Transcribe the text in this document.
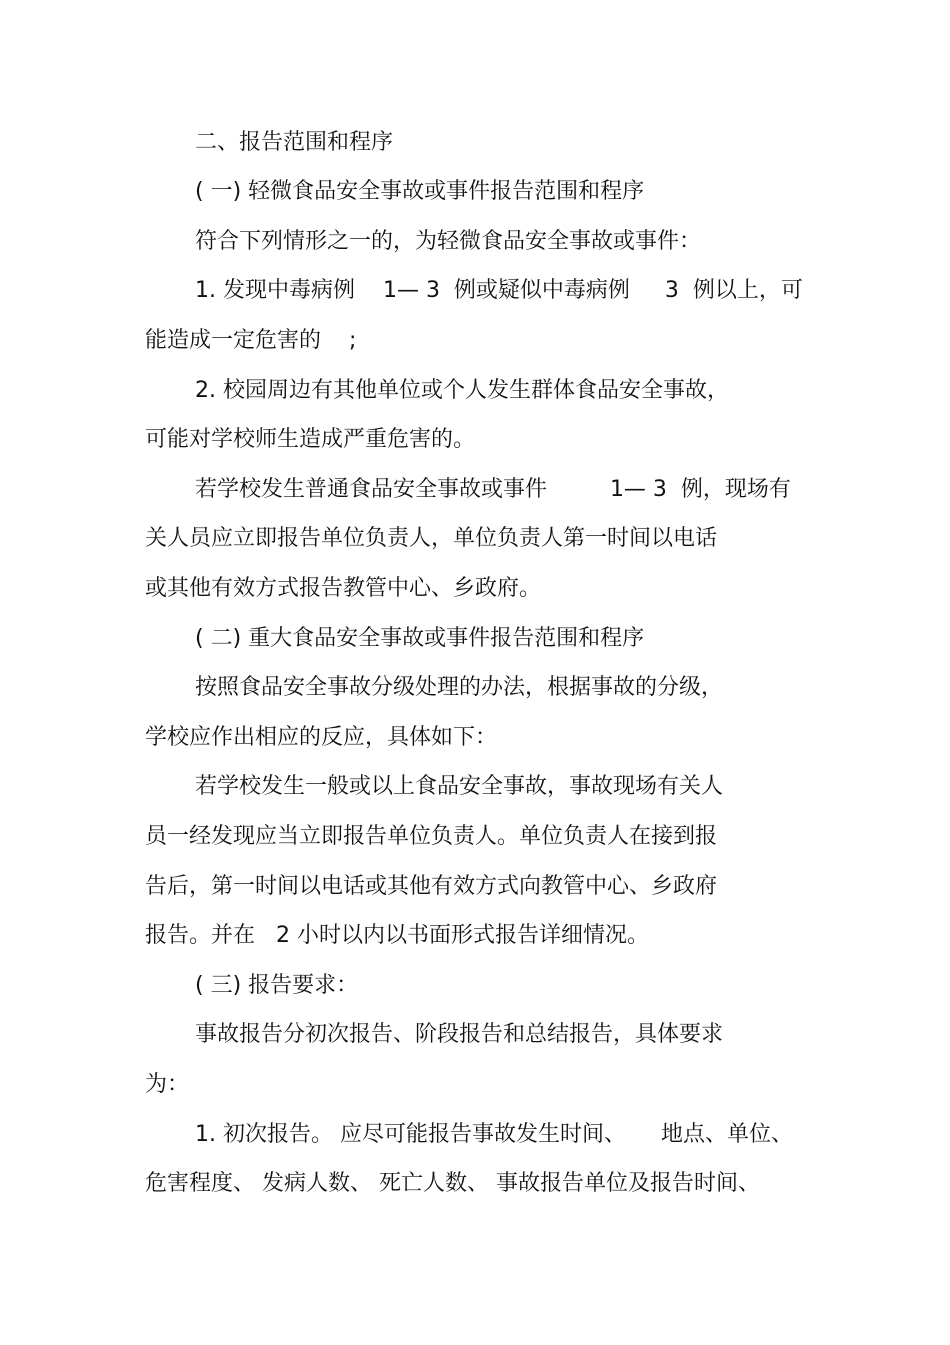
二、报告范围和程序
( 一) 轻微食品安全事故或事件报告范围和程序
符合下列情形之一的，为轻微食品安全事故或事件：
1. 发现中毒病例    1— 3  例或疑似中毒病例     3  例以上，可
能造成一定危害的    ;
2. 校园周边有其他单位或个人发生群体食品安全事故，
可能对学校师生造成严重危害的。
若学校发生普通食品安全事故或事件         1— 3  例，现场有
关人员应立即报告单位负责人，单位负责人第一时间以电话
或其他有效方式报告教管中心、乡政府。
( 二) 重大食品安全事故或事件报告范围和程序
按照食品安全事故分级处理的办法，根据事故的分级，
学校应作出相应的反应，具体如下：
若学校发生一般或以上食品安全事故，事故现场有关人
员一经发现应当立即报告单位负责人。单位负责人在接到报
告后，第一时间以电话或其他有效方式向教管中心、乡政府
报告。并在   2 小时以内以书面形式报告详细情况。
( 三) 报告要求：
事故报告分初次报告、阶段报告和总结报告，具体要求
为：
1. 初次报告。 应尽可能报告事故发生时间、     地点、单位、
危害程度、 发病人数、 死亡人数、 事故报告单位及报告时间、
